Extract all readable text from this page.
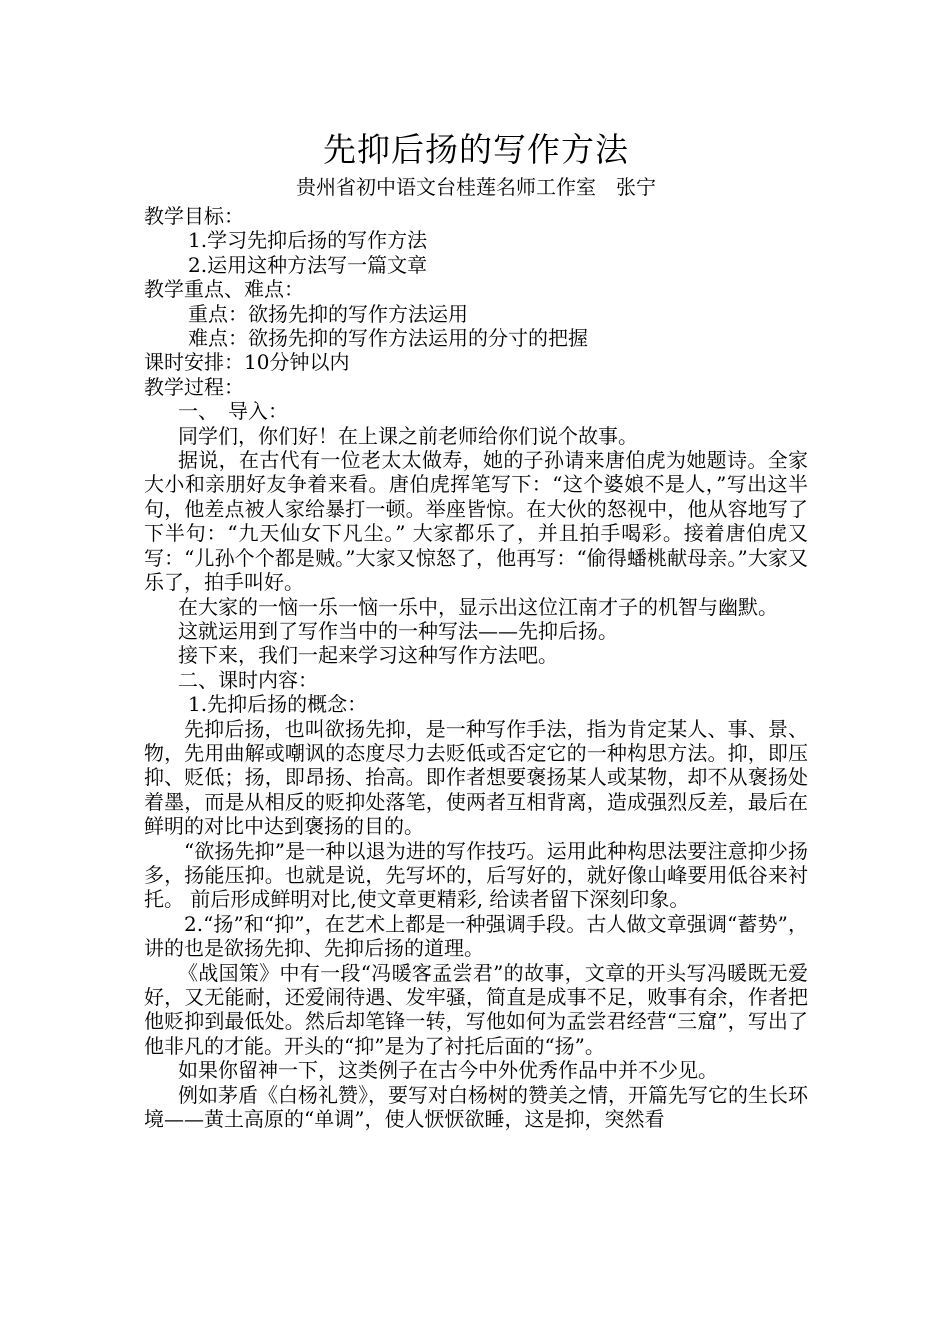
先抑后扬的写作方法

贵州省初中语文台桂莲名师工作室　张宁

教学目标：

1.学习先抑后扬的写作方法

2.运用这种方法写一篇文章

教学重点、难点：

重点：欲扬先抑的写作方法运用

难点：欲扬先抑的写作方法运用的分寸的把握

课时安排：10分钟以内

教学过程：

一、　导入：

同学们，你们好！在上课之前老师给你们说个故事。

据说，在古代有一位老太太做寿，她的子孙请来唐伯虎为她题诗。全家大小和亲朋好友争着来看。唐伯虎挥笔写下：“这个婆娘不是人，”写出这半句，他差点被人家给暴打一顿。举座皆惊。在大伙的怒视中，他从容地写了下半句：“九天仙女下凡尘。” 大家都乐了，并且拍手喝彩。接着唐伯虎又写：“儿孙个个都是贼。”大家又惊怒了，他再写：“偷得蟠桃献母亲。”大家又乐了，拍手叫好。

在大家的一恼一乐一恼一乐中，显示出这位江南才子的机智与幽默。

这就运用到了写作当中的一种写法——先抑后扬。

接下来，我们一起来学习这种写作方法吧。

二、课时内容：

1.先抑后扬的概念：

先抑后扬，也叫欲扬先抑，是一种写作手法，指为肯定某人、事、景、物，先用曲解或嘲讽的态度尽力去贬低或否定它的一种构思方法。抑，即压抑、贬低；扬，即昂扬、抬高。即作者想要褒扬某人或某物，却不从褒扬处着墨，而是从相反的贬抑处落笔，使两者互相背离，造成强烈反差，最后在鲜明的对比中达到褒扬的目的。

“欲扬先抑”是一种以退为进的写作技巧。运用此种构思法要注意抑少扬多，扬能压抑。也就是说，先写坏的，后写好的，就好像山峰要用低谷来衬托。 前后形成鲜明对比,使文章更精彩, 给读者留下深刻印象。

2.“扬”和“抑”，在艺术上都是一种强调手段。古人做文章强调“蓄势”，讲的也是欲扬先抑、先抑后扬的道理。

《战国策》中有一段“冯暖客孟尝君”的故事，文章的开头写冯暖既无爱好，又无能耐，还爱闹待遇、发牢骚，简直是成事不足，败事有余，作者把他贬抑到最低处。然后却笔锋一转，写他如何为孟尝君经营“三窟”，写出了他非凡的才能。开头的“抑”是为了衬托后面的“扬”。

如果你留神一下，这类例子在古今中外优秀作品中并不少见。

例如茅盾《白杨礼赞》，要写对白杨树的赞美之情，开篇先写它的生长环境——黄土高原的“单调”，使人恹恹欲睡，这是抑，突然看
